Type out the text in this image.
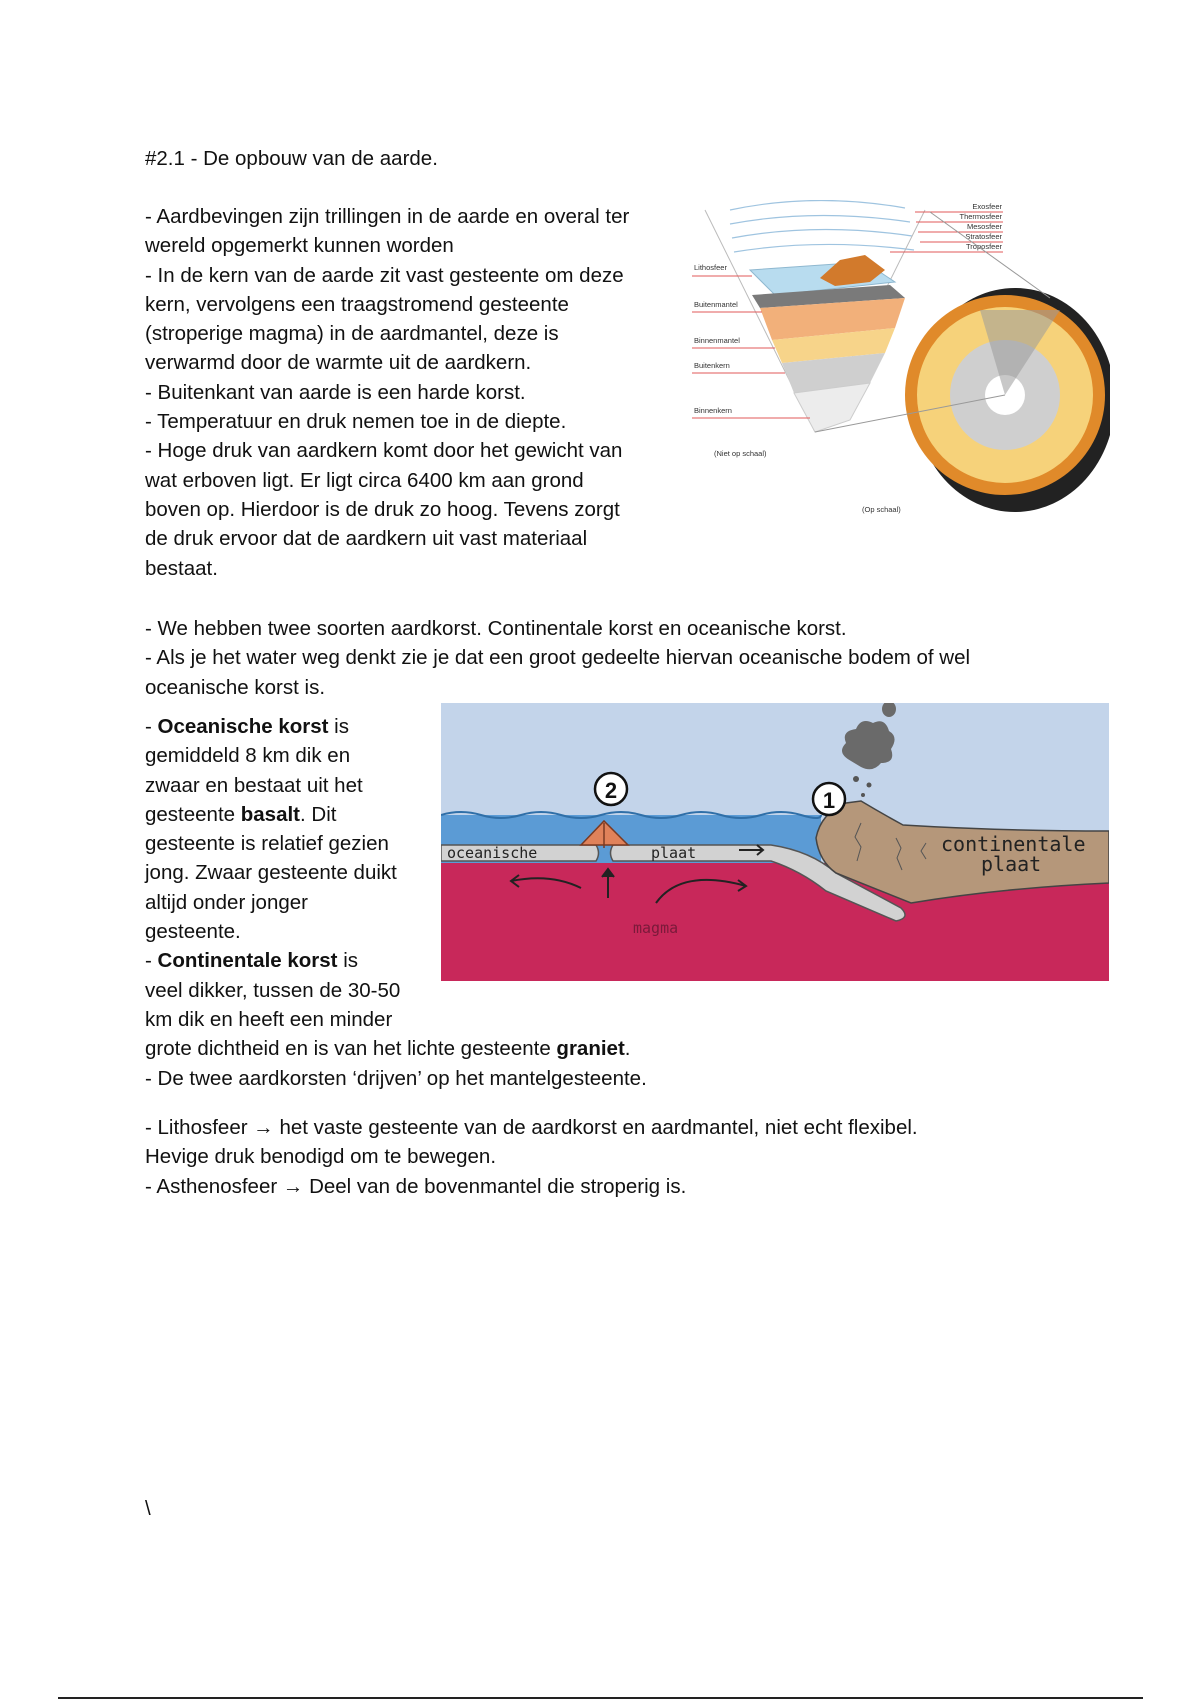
#2.1 - De opbouw van de aarde.

- Aardbevingen zijn trillingen in de aarde en overal ter
wereld opgemerkt kunnen worden
- In de kern van de aarde zit vast gesteente om deze
kern, vervolgens een traagstromend gesteente
(stroperige magma) in de aardmantel, deze is
verwarmd door de warmte uit de aardkern.
- Buitenkant van aarde is een harde korst.
- Temperatuur en druk nemen toe in de diepte.
- Hoge druk van aardkern komt door het gewicht van
wat erboven ligt. Er ligt circa 6400 km aan grond
boven op. Hierdoor is de druk zo hoog. Tevens zorgt
de druk ervoor dat de aardkern uit vast materiaal
bestaat.
Lithosfeer
Buitenmantel
Binnenmantel
Buitenkern
Binnenkern
(Niet op schaal)
(Op schaal)
Exosfeer
Thermosfeer
Mesosfeer
Stratosfeer
Troposfeer
- We hebben twee soorten aardkorst. Continentale korst en oceanische korst.
- Als je het water weg denkt zie je dat een groot gedeelte hiervan oceanische bodem of wel
oceanische korst is.
- Oceanische korst is
gemiddeld 8 km dik en
zwaar en bestaat uit het
gesteente basalt. Dit
gesteente is relatief gezien
jong. Zwaar gesteente duikt
altijd onder jonger
gesteente.
- Continentale korst is
veel dikker, tussen de 30-50
km dik en heeft een minder
grote dichtheid en is van het lichte gesteente graniet.
- De twee aardkorsten ‘drijven’ op het mantelgesteente.
2	1
oceanische	plaat	continentale
plaat
magma
- Lithosfeer → het vaste gesteente van de aardkorst en aardmantel, niet echt flexibel.
Hevige druk benodigd om te bewegen.
- Asthenosfeer → Deel van de bovenmantel die stroperig is.

\
